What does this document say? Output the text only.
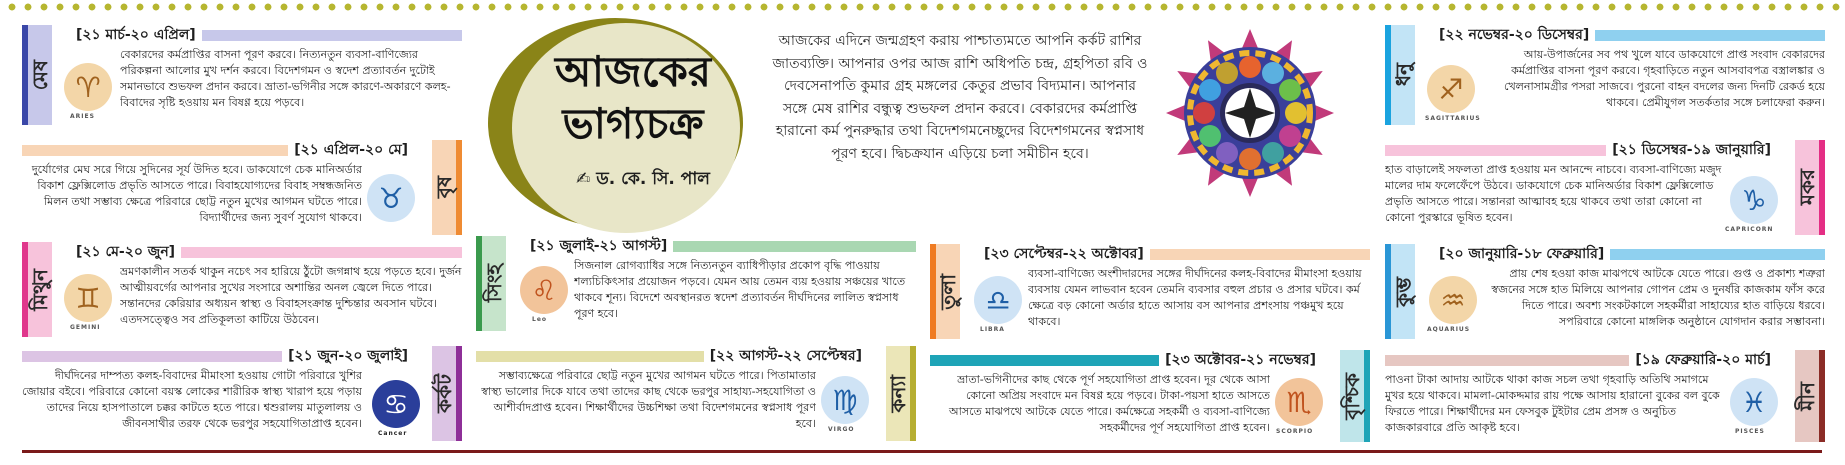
আজকের
ভাগ্যচক্র
✍ ড. কে. সি. পাল
আজকের এদিনে জন্মগ্রহণ করায় পাশ্চাত্যমতে আপনি কর্কট রাশির জাতব্যক্তি। আপনার ওপর আজ রাশি অধিপতি চন্দ্র, গ্রহপিতা রবি ও দেবসেনাপতি কুমার গ্রহ মঙ্গলের কেতুর প্রভাব বিদ্যমান। আপনার সঙ্গে মেষ রাশির বন্ধুত্ব শুভফল প্রদান করবে। বেকারদের কর্মপ্রাপ্তি হারানো কর্ম পুনরুদ্ধার তথা বিদেশগমনেচ্ছুদের বিদেশগমনের স্বপ্নসাধ পূরণ হবে। দ্বিচক্রযান এড়িয়ে চলা সমীচীন হবে।
মেষ
[২১ মার্চ-২০ এপ্রিল]
♈
ARIES
বেকারদের কর্মপ্রাপ্তির বাসনা পূরণ করবে। নিত্যনতুন ব্যবসা-বাণিজ্যের পরিকল্পনা আলোর মুখ দর্শন করবে। বিদেশগমন ও স্বদেশ প্রত্যাবর্তন দুটোই সমানভাবে শুভফল প্রদান করবে। ভ্রাতা-ভগিনীর সঙ্গে কারণে-অকারণে কলহ-বিবাদের সৃষ্টি হওয়ায় মন বিষণ্ণ হয়ে পড়বে।
বৃষ
[২১ এপ্রিল-২০ মে]
♉
দুর্যোগের মেঘ সরে গিয়ে সুদিনের সূর্য উদিত হবে। ডাকযোগে চেক মানিঅর্ডার বিকাশ ফ্লেক্সিলোড প্রভৃতি আসতে পারে। বিবাহযোগ্যদের বিবাহ সম্বন্ধজনিত মিলন তথা সম্ভাব্য ক্ষেত্রে পরিবারে ছোট্ট নতুন মুখের আগমন ঘটতে পারে। বিদ্যার্থীদের জন্য সুবর্ণ সুযোগ থাকবে।
মিথুন
[২১ মে-২০ জুন]
♊
GEMINI
ভ্রমণকালীন সতর্ক থাকুন নচেৎ সব হারিয়ে ঠুঁটো জগন্নাথ হয়ে পড়তে হবে। দুর্জন আত্মীয়বর্গের আপনার সুখের সংসারে অশান্তির অনল জ্বেলে দিতে পারে। সন্তানদের কেরিয়ার অধ্যয়ন স্বাস্থ্য ও বিবাহসংক্রান্ত দুশ্চিন্তার অবসান ঘটবে। এতদসত্ত্বেও সব প্রতিকূলতা কাটিয়ে উঠবেন।
কর্কট
[২১ জুন-২০ জুলাই]
♋
Cancer
দীর্ঘদিনের দাম্পত্য কলহ-বিবাদের মীমাংসা হওয়ায় গোটা পরিবারে খুশির জোয়ার বইবে। পরিবারে কোনো বয়স্ক লোকের শারীরিক স্বাস্থ্য খারাপ হয়ে পড়ায় তাদের নিয়ে হাসপাতালে চক্কর কাটতে হতে পারে। শ্বশুরালয় মাতুলালয় ও জীবনসাথীর তরফ থেকে ভরপুর সহযোগিতাপ্রাপ্ত হবেন।
সিংহ
[২১ জুলাই-২১ আগস্ট]
♌
Leo
সিজনাল রোগব্যাধির সঙ্গে নিত্যনতুন ব্যাধিপীড়ার প্রকোপ বৃদ্ধি পাওয়ায় শল্যচিকিৎসার প্রয়োজন পড়বে। যেমন আয় তেমন ব্যয় হওয়ায় সঞ্চয়ের খাতে থাকবে শূন্য। বিদেশে অবস্থানরত স্বদেশ প্রত্যাবর্তন দীর্ঘদিনের লালিত স্বপ্নসাধ পূরণ হবে।
কন্যা
[২২ আগস্ট-২২ সেপ্টেম্বর]
♍
VIRGO
সম্ভাব্যক্ষেত্রে পরিবারে ছোট্ট নতুন মুখের আগমন ঘটতে পারে। পিতামাতার স্বাস্থ্য ভালোর দিকে যাবে তথা তাদের কাছ থেকে ভরপুর সাহায্য-সহযোগিতা ও আশীর্বাদপ্রাপ্ত হবেন। শিক্ষার্থীদের উচ্চশিক্ষা তথা বিদেশগমনের স্বপ্নসাধ পূরণ হবে।
তুলা
[২৩ সেপ্টেম্বর-২২ অক্টোবর]
♎
LIBRA
ব্যবসা-বাণিজ্যে অংশীদারদের সঙ্গের দীর্ঘদিনের কলহ-বিবাদের মীমাংসা হওয়ায় ব্যবসায় যেমন লাভবান হবেন তেমনি ব্যবসার বহুল প্রচার ও প্রসার ঘটবে। কর্ম ক্ষেত্রে বড় কোনো অর্ডার হাতে আসায় বস আপনার প্রশংসায় পঞ্চমুখ হয়ে থাকবে।
বৃশ্চিক
[২৩ অক্টোবর-২১ নভেম্বর]
♏
SCORPIO
ভ্রাতা-ভগিনীদের কাছ থেকে পূর্ণ সহযোগিতা প্রাপ্ত হবেন। দূর থেকে আসা কোনো অপ্রিয় সংবাদে মন বিষণ্ণ হয়ে পড়বে। টাকা-পয়সা হাতে আসতে আসতে মাঝপথে আটকে যেতে পারে। কর্মক্ষেত্রে সহকর্মী ও ব্যবসা-বাণিজ্যে সহকর্মীদের পূর্ণ সহযোগিতা প্রাপ্ত হবেন।
ধনু
[২২ নভেম্বর-২০ ডিসেম্বর]
♐
SAGITTARIUS
আয়-উপার্জনের সব পথ খুলে যাবে ডাকযোগে প্রাপ্ত সংবাদ বেকারদের কর্মপ্রাপ্তির বাসনা পূরণ করবে। গৃহবাড়িতে নতুন আসবাবপত্র বস্ত্রালঙ্কার ও খেলনাসামগ্রীর পসরা সাজবে। পুরনো বাহন বদলের জন্য দিনটি রেকর্ড হয়ে থাকবে। প্রেমীযুগল সতর্কতার সঙ্গে চলাফেরা করুন।
মকর
[২১ ডিসেম্বর-১৯ জানুয়ারি]
♑
CAPRICORN
হাত বাড়ালেই সফলতা প্রাপ্ত হওয়ায় মন আনন্দে নাচবে। ব্যবসা-বাণিজ্যে মজুদ মালের দাম ফলেফেঁপে উঠবে। ডাকযোগে চেক মানিঅর্ডার বিকাশ ফ্লেক্সিলোড প্রভৃতি আসতে পারে। সন্তানরা আত্মাবহ হয়ে থাকবে তথা তারা কোনো না কোনো পুরস্কারে ভূষিত হবেন।
কুম্ভ
[২০ জানুয়ারি-১৮ ফেব্রুয়ারি]
♒
AQUARIUS
প্রায় শেষ হওয়া কাজ মাঝপথে আটকে যেতে পারে। গুপ্ত ও প্রকাশ্য শত্রুরা স্বজনের সঙ্গে হাত মিলিয়ে আপনার গোপন প্রেম ও দুনর্ষরি কাজকাম ফাঁস করে দিতে পারে। অবশ্য সংকটকালে সহকর্মীরা সাহায্যের হাত বাড়িয়ে ধরবে। সপরিবারে কোনো মাঙ্গলিক অনুষ্ঠানে যোগদান করার সম্ভাবনা।
মীন
[১৯ ফেব্রুয়ারি-২০ মার্চ]
♓
PISCES
পাওনা টাকা আদায় আটকে থাকা কাজ সচল তথা গৃহবাড়ি অতিথি সমাগমে মুখর হয়ে থাকবে। মামলা-মোকদ্দমার রায় পক্ষে আসায় হারানো বুকের বল বুকে ফিরতে পারে। শিক্ষার্থীদের মন ফেসবুক টুইটার প্রেম প্রসঙ্গ ও অনুচিত কাজকারবারে প্রতি আকৃষ্ট হবে।
